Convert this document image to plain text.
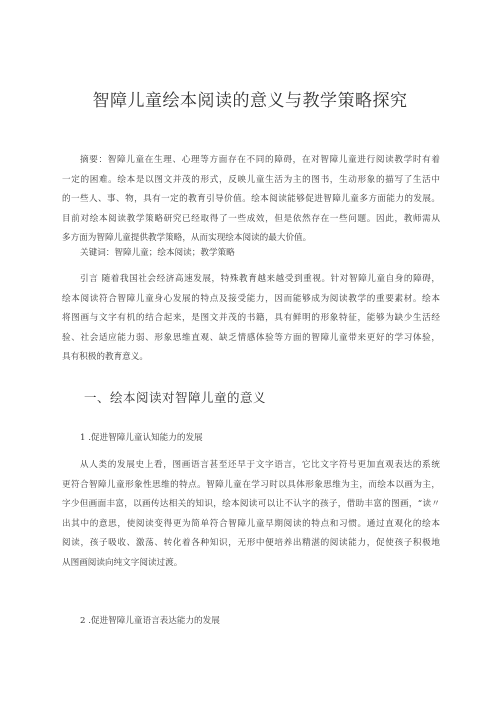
智障儿童绘本阅读的意义与教学策略探究
摘要：智障儿童在生理、心理等方面存在不同的障碍，在对智障儿童进行阅读教学时有着
一定的困难。绘本是以图文并茂的形式，反映儿童生活为主的图书，生动形象的描写了生活中
的一些人、事、物，具有一定的教育引导价值。绘本阅读能够促进智障儿童多方面能力的发展。
目前对绘本阅读教学策略研究已经取得了一些成效，但是依然存在一些问题。因此，教师需从
多方面为智障儿童提供教学策略，从而实现绘本阅读的最大价值。
关键词：智障儿童；绘本阅读；教学策略
引言 随着我国社会经济高速发展，特殊教育越来越受到重视。针对智障儿童自身的障碍，
绘本阅读符合智障儿童身心发展的特点及接受能力，因而能够成为阅读教学的重要素材。绘本
将图画与文字有机的结合起来，是图文并茂的书籍，具有鲜明的形象特征，能够为缺少生活经
验、社会适应能力弱、形象思维直观、缺乏情感体验等方面的智障儿童带来更好的学习体验，
具有积极的教育意义。
一、绘本阅读对智障儿童的意义
1 .促进智障儿童认知能力的发展
从人类的发展史上看，图画语言甚至还早于文字语言，它比文字符号更加直观表达的系统
更符合智障儿童形象性思维的特点。智障儿童在学习时以具体形象思维为主，而绘本以画为主，
字少但画面丰富，以画传达相关的知识，绘本阅读可以让不认字的孩子，借助丰富的图画，“读〃
出其中的意思，使阅读变得更为简单符合智障儿童早期阅读的特点和习惯。通过直观化的绘本
阅读，孩子吸收、激荡、转化着各种知识，无形中便培养出精湛的阅读能力，促使孩子积极地
从图画阅读向纯文字阅读过渡。
2 .促进智障儿童语言表达能力的发展
